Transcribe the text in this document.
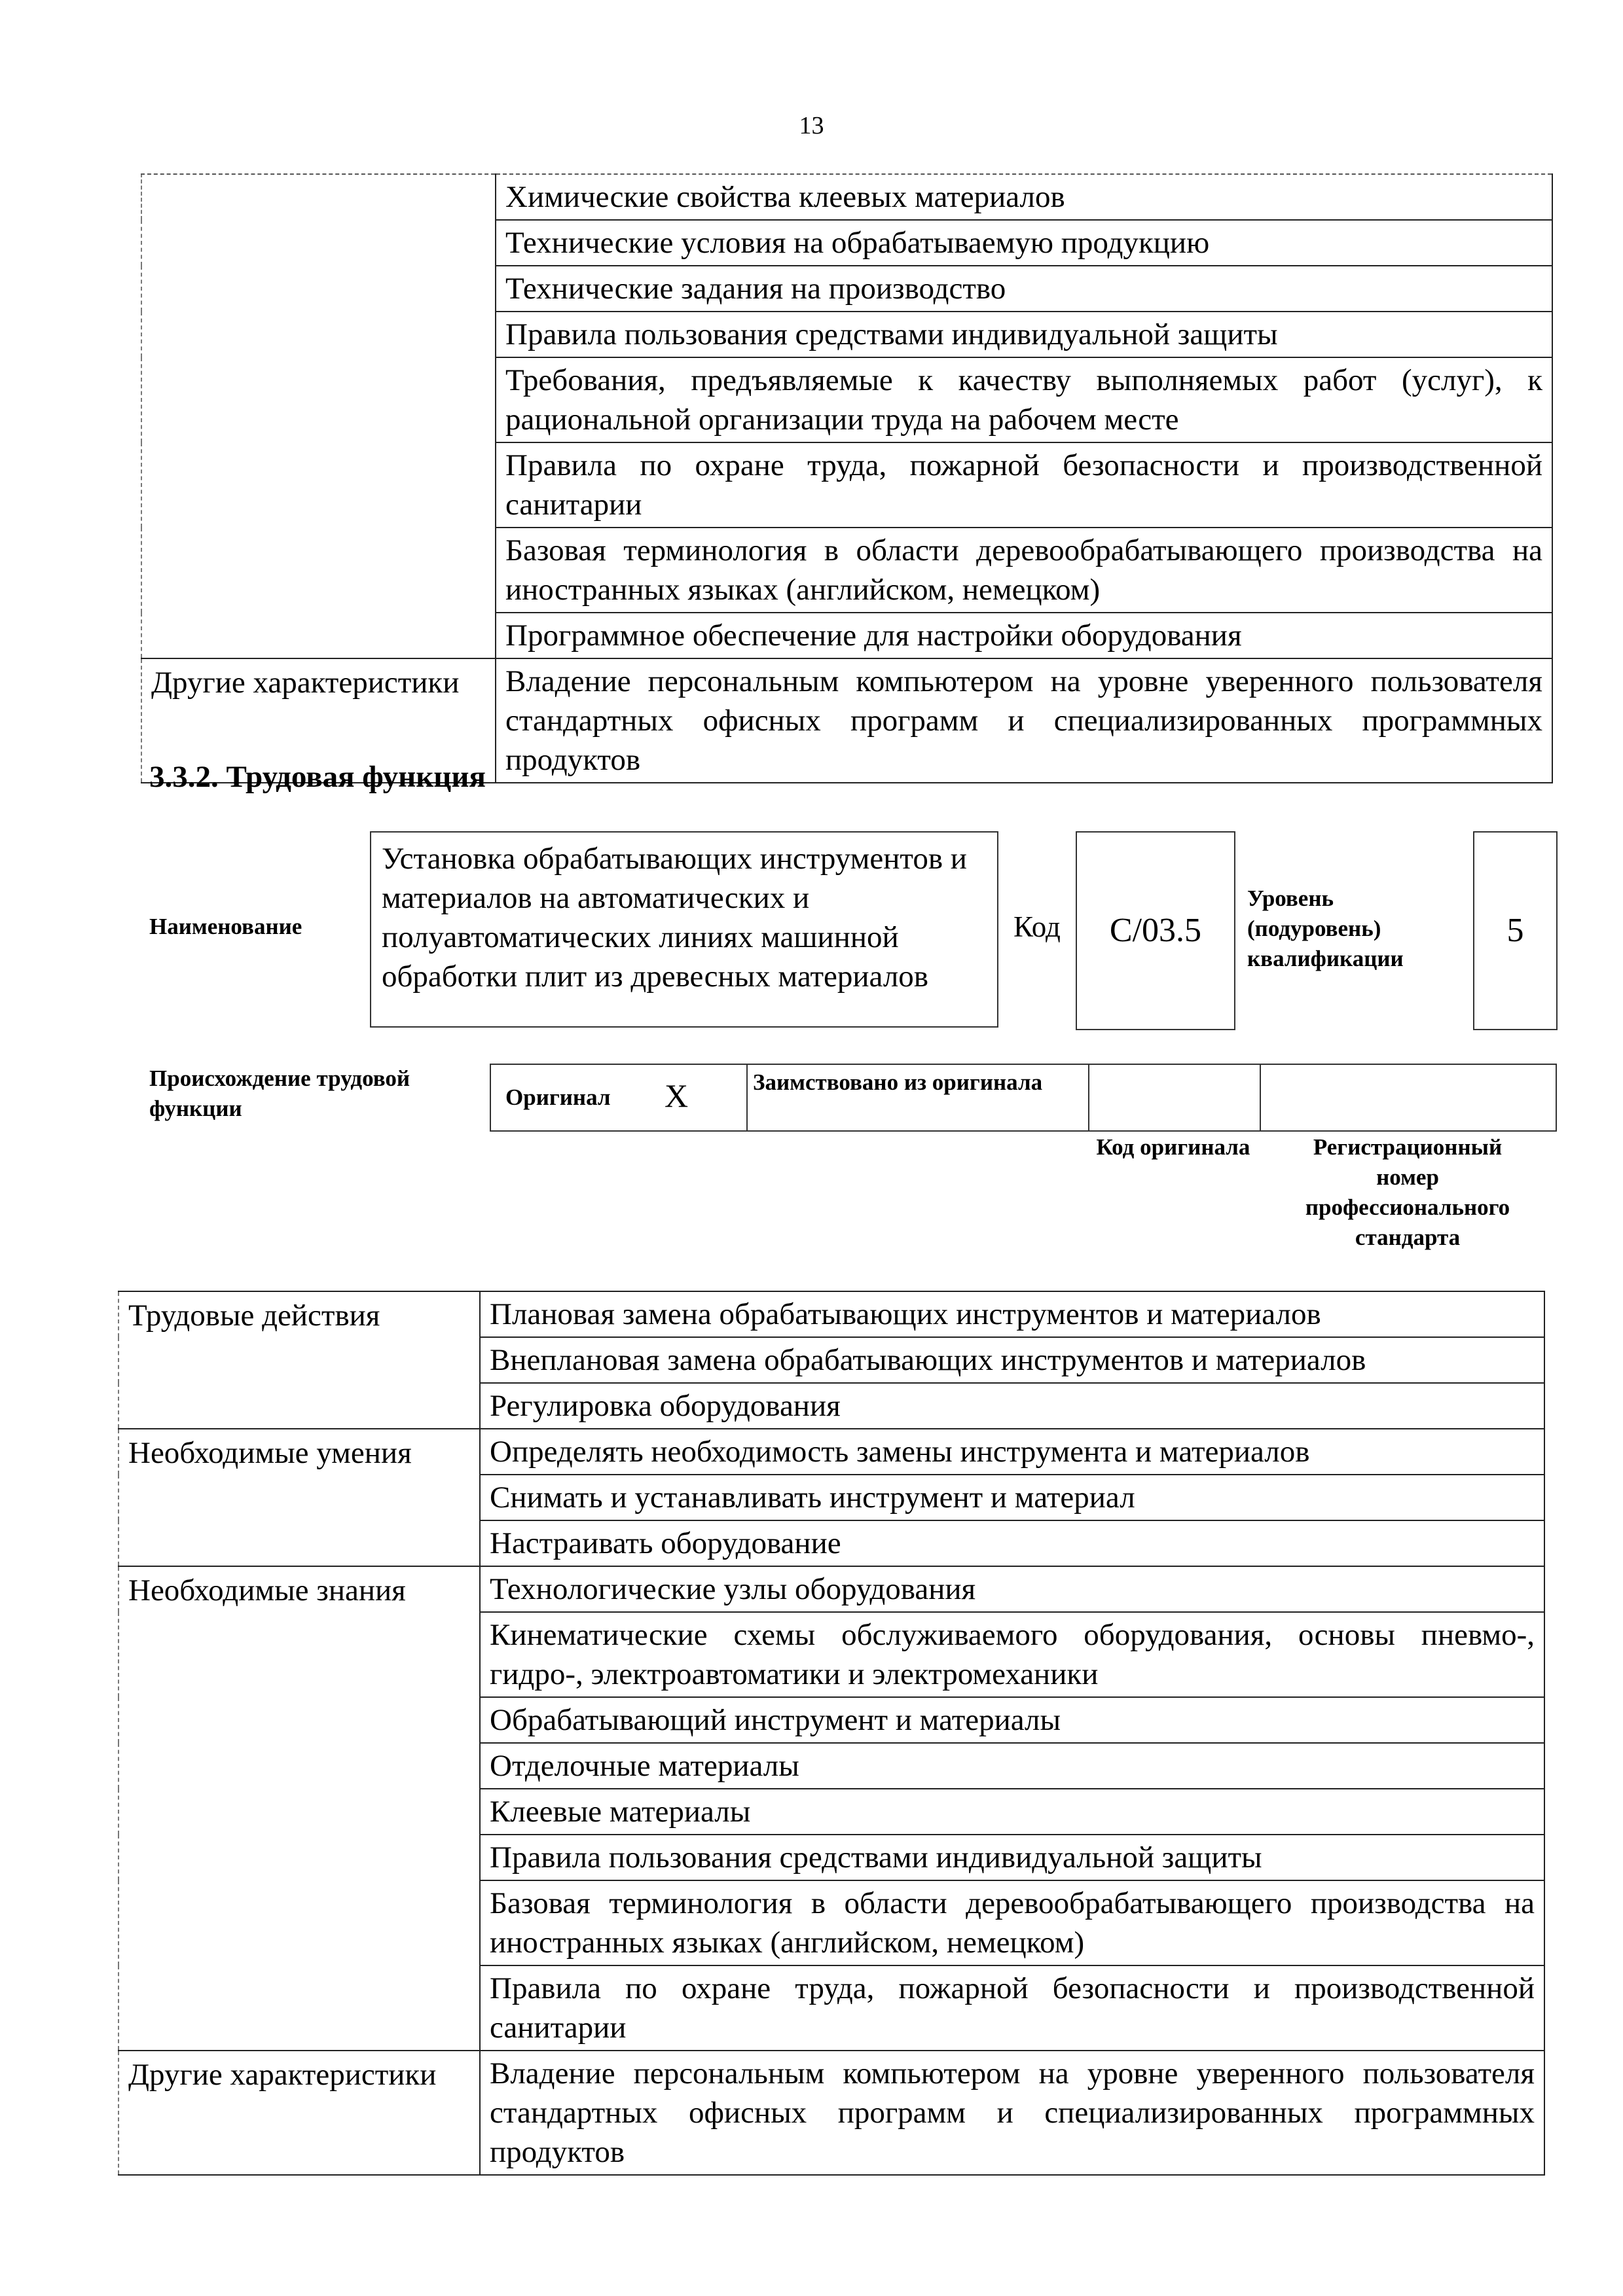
13
	Химические свойства клеевых материалов
	Технические условия на обрабатываемую продукцию
	Технические задания на производство
	Правила пользования средствами индивидуальной защиты
	Требования, предъявляемые к качеству выполняемых работ (услуг), к рациональной организации труда на рабочем месте
	Правила по охране труда, пожарной безопасности и производственной санитарии
	Базовая терминология в области деревообрабатывающего производства на иностранных языках (английском, немецком)
	Программное обеспечение для настройки оборудования
Другие характеристики	Владение персональным компьютером на уровне уверенного пользователя стандартных офисных программ и специализированных программных продуктов
3.3.2. Трудовая функция
Наименование
Установка обрабатывающих инструментов и материалов на автоматических и полуавтоматических линиях машинной обработки плит из древесных материалов
Код	C/03.5
Уровень (подуровень) квалификации
5
Происхождение трудовой функции	Оригинал X	Заимствовано из оригинала
Код оригинала	Регистрационный номер профессионального стандарта
Трудовые действия	Плановая замена обрабатывающих инструментов и материалов
	Внеплановая замена обрабатывающих инструментов и материалов
	Регулировка оборудования
Необходимые умения	Определять необходимость замены инструмента и материалов
	Снимать и устанавливать инструмент и материал
	Настраивать оборудование
Необходимые знания	Технологические узлы оборудования
	Кинематические схемы обслуживаемого оборудования, основы пневмо-, гидро-, электроавтоматики и электромеханики
	Обрабатывающий инструмент и материалы
	Отделочные материалы
	Клеевые материалы
	Правила пользования средствами индивидуальной защиты
	Базовая терминология в области деревообрабатывающего производства на иностранных языках (английском, немецком)
	Правила по охране труда, пожарной безопасности и производственной санитарии
Другие характеристики	Владение персональным компьютером на уровне уверенного пользователя стандартных офисных программ и специализированных программных продуктов
